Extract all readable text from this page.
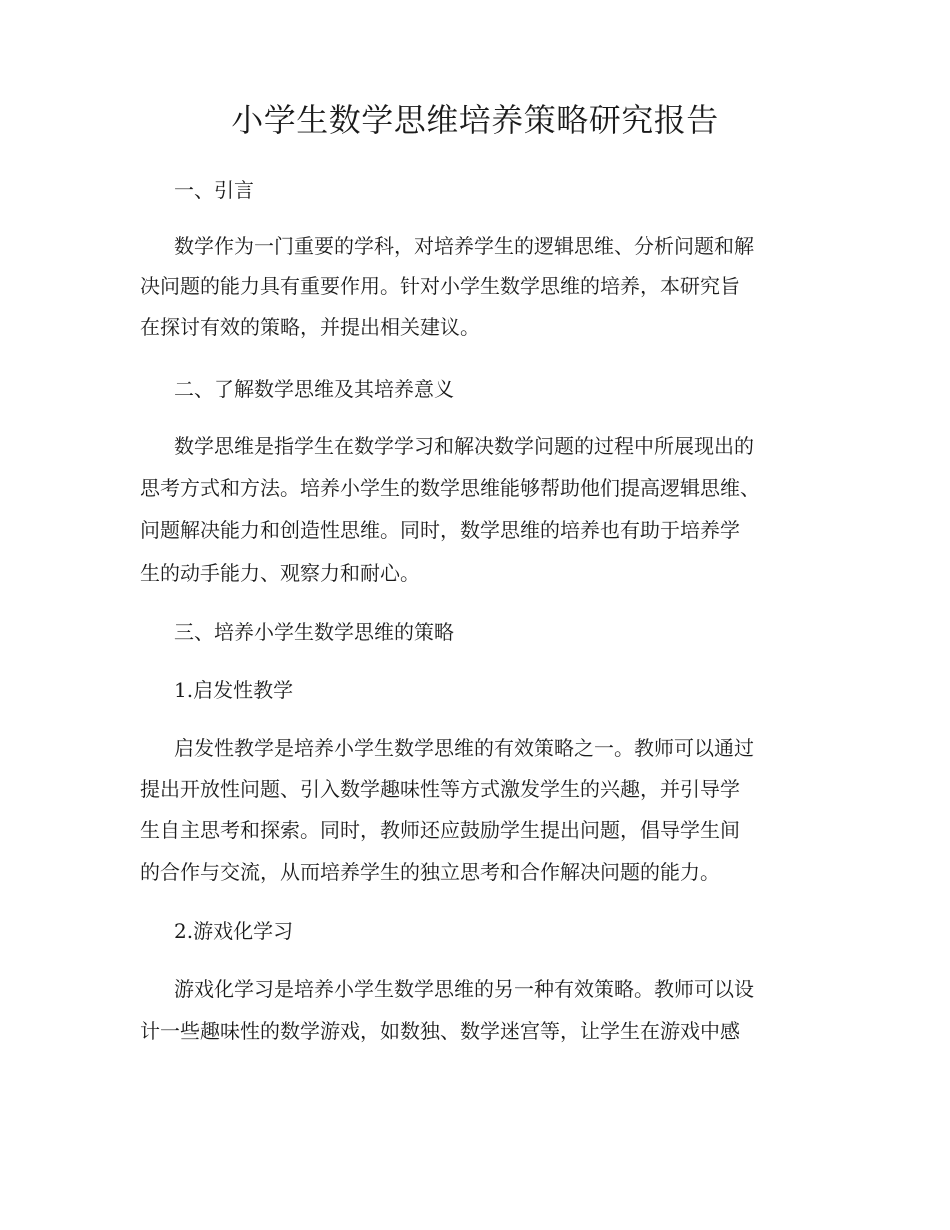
小学生数学思维培养策略研究报告

一、引言

数学作为一门重要的学科，对培养学生的逻辑思维、分析问题和解

决问题的能力具有重要作用。针对小学生数学思维的培养，本研究旨

在探讨有效的策略，并提出相关建议。

二、了解数学思维及其培养意义

数学思维是指学生在数学学习和解决数学问题的过程中所展现出的

思考方式和方法。培养小学生的数学思维能够帮助他们提高逻辑思维、

问题解决能力和创造性思维。同时，数学思维的培养也有助于培养学

生的动手能力、观察力和耐心。

三、培养小学生数学思维的策略

1.启发性教学

启发性教学是培养小学生数学思维的有效策略之一。教师可以通过

提出开放性问题、引入数学趣味性等方式激发学生的兴趣，并引导学

生自主思考和探索。同时，教师还应鼓励学生提出问题，倡导学生间

的合作与交流，从而培养学生的独立思考和合作解决问题的能力。

2.游戏化学习

游戏化学习是培养小学生数学思维的另一种有效策略。教师可以设

计一些趣味性的数学游戏，如数独、数学迷宫等，让学生在游戏中感
